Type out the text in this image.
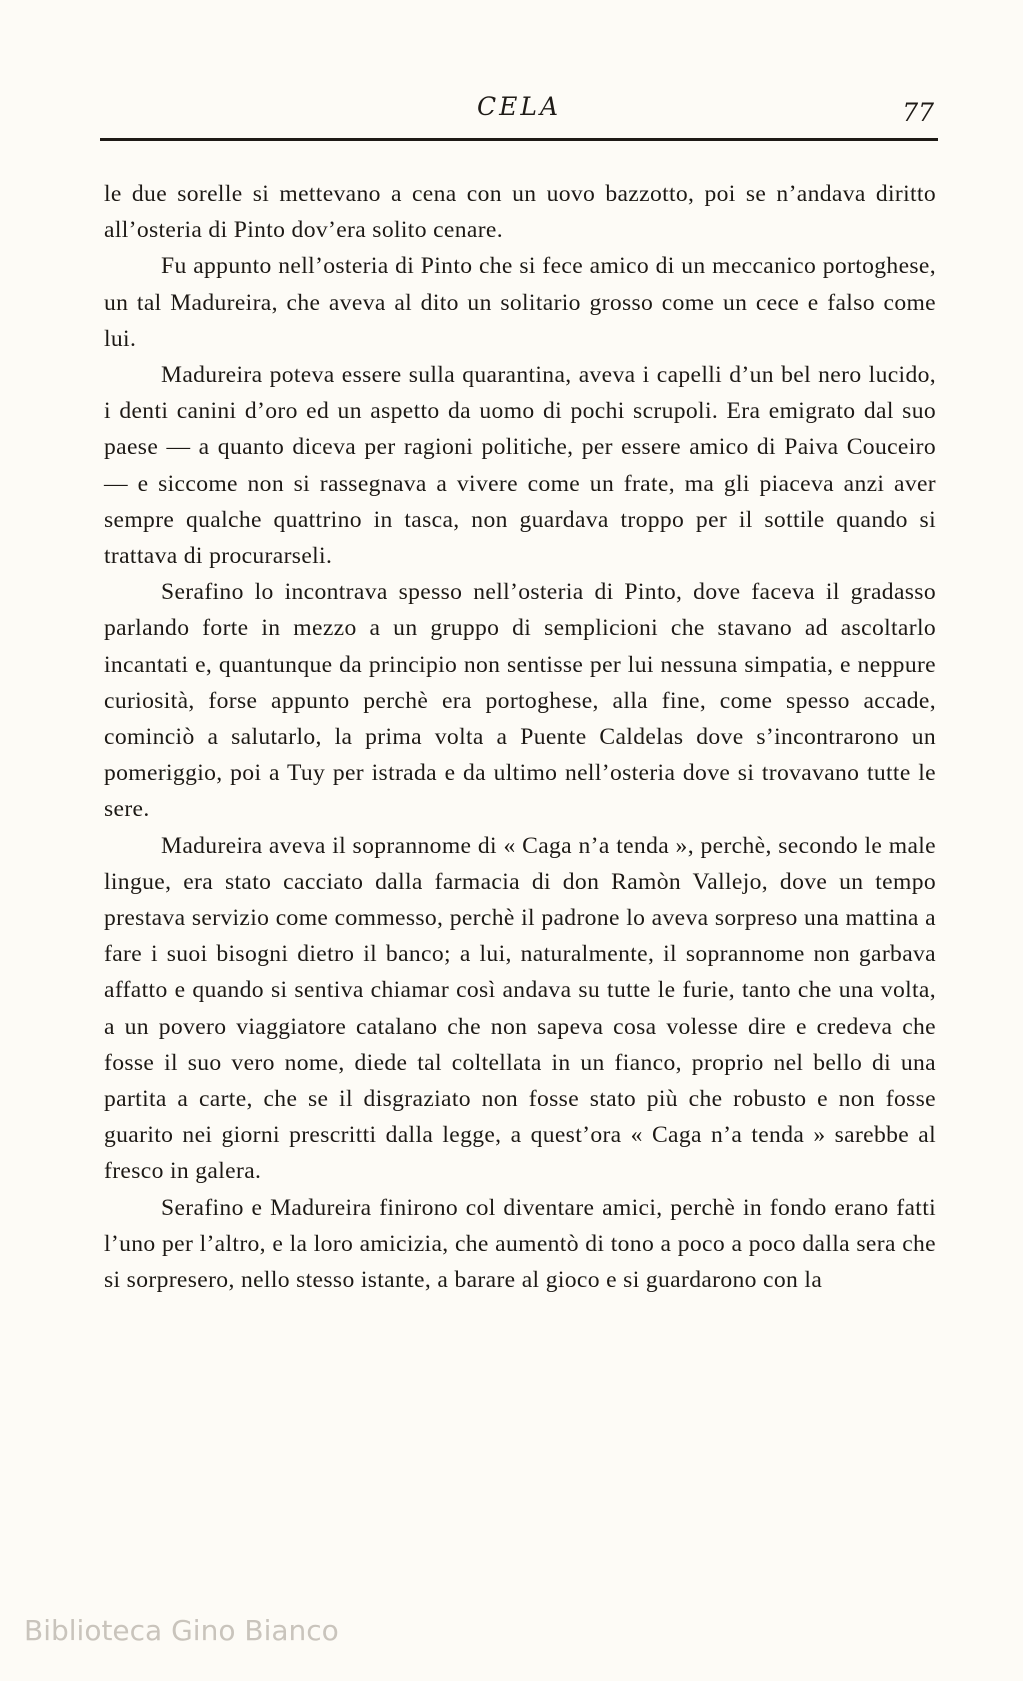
CELA	77

le due sorelle si mettevano a cena con un uovo bazzotto, poi se n’andava diritto all’osteria di Pinto dov’era solito cenare.

Fu appunto nell’osteria di Pinto che si fece amico di un meccanico portoghese, un tal Madureira, che aveva al dito un solitario grosso come un cece e falso come lui.

Madureira poteva essere sulla quarantina, aveva i capelli d’un bel nero lucido, i denti canini d’oro ed un aspetto da uomo di pochi scrupoli. Era emigrato dal suo paese — a quanto diceva per ragioni politiche, per essere amico di Paiva Couceiro — e siccome non si rassegnava a vivere come un frate, ma gli piaceva anzi aver sempre qualche quattrino in tasca, non guardava troppo per il sottile quando si trattava di procurarseli.

Serafino lo incontrava spesso nell’osteria di Pinto, dove faceva il gradasso parlando forte in mezzo a un gruppo di semplicioni che stavano ad ascoltarlo incantati e, quantunque da principio non sentisse per lui nessuna simpatia, e neppure curiosità, forse appunto perchè era portoghese, alla fine, come spesso accade, cominciò a salutarlo, la prima volta a Puente Caldelas dove s’incontrarono un pomeriggio, poi a Tuy per istrada e da ultimo nell’osteria dove si trovavano tutte le sere.

Madureira aveva il soprannome di « Caga n’a tenda », perchè, secondo le male lingue, era stato cacciato dalla farmacia di don Ramòn Vallejo, dove un tempo prestava servizio come commesso, perchè il padrone lo aveva sorpreso una mattina a fare i suoi bisogni dietro il banco; a lui, naturalmente, il soprannome non garbava affatto e quando si sentiva chiamar così andava su tutte le furie, tanto che una volta, a un povero viaggiatore catalano che non sapeva cosa volesse dire e credeva che fosse il suo vero nome, diede tal coltellata in un fianco, proprio nel bello di una partita a carte, che se il disgraziato non fosse stato più che robusto e non fosse guarito nei giorni prescritti dalla legge, a quest’ora « Caga n’a tenda » sarebbe al fresco in galera.

Serafino e Madureira finirono col diventare amici, perchè in fondo erano fatti l’uno per l’altro, e la loro amicizia, che aumentò di tono a poco a poco dalla sera che si sorpresero, nello stesso istante, a barare al gioco e si guardarono con la

Biblioteca Gino Bianco
